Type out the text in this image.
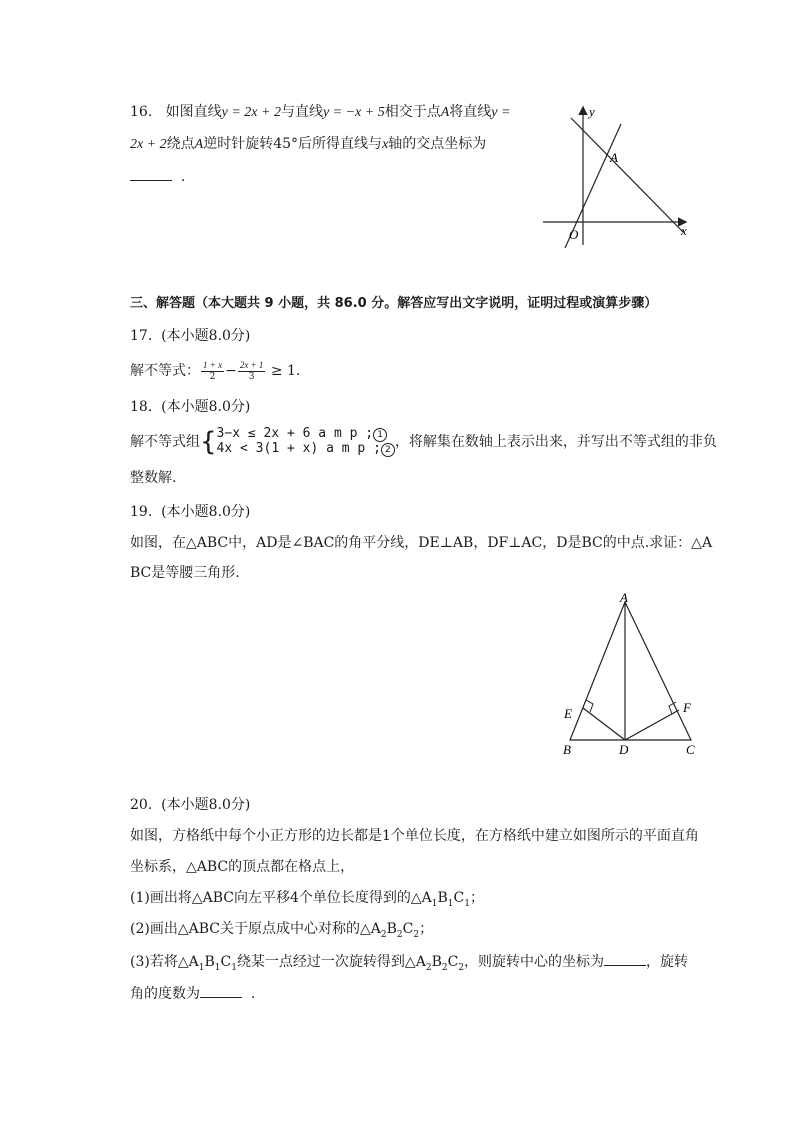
16. 如图直线y = 2x + 2与直线y = −x + 5相交于点A将直线y =
2x + 2绕点A逆时针旋转45°后所得直线与x轴的交点坐标为
.
y
x
O
A
三、解答题（本大题共 9 小题，共 86.0 分。解答应写出文字说明，证明过程或演算步骤）
17. (本小题8.0分)
解不等式： $\frac{1 + x}{2} - \frac{2x + 1}{3} \ge 1$.
18. (本小题8.0分)
解不等式组{ 3−x ≤ 2x + 6 a m p ; 1
4x < 3(1 + x) a m p ; 2 ，将解集在数轴上表示出来，并写出不等式组的非负
整数解.
19. (本小题8.0分)
如图，在△ABC中，AD是∠BAC的角平分线，DE⊥AB，DF⊥AC，D是BC的中点.求证：△A
BC是等腰三角形.
A
B	C
D
E	F
20. (本小题8.0分)
如图，方格纸中每个小正方形的边长都是1个单位长度，在方格纸中建立如图所示的平面直角
坐标系，△ABC的顶点都在格点上，
(1)画出将△ABC向左平移4个单位长度得到的$\triangle A_1B_1C_1$；
(2)画出△ABC关于原点成中心对称的$\triangle A_2B_2C_2$；
(3)若将$\triangle A_1B_1C_1$绕某一点经过一次旋转得到$\triangle A_2B_2C_2$，则旋转中心的坐标为	，旋转
角的度数为	.
